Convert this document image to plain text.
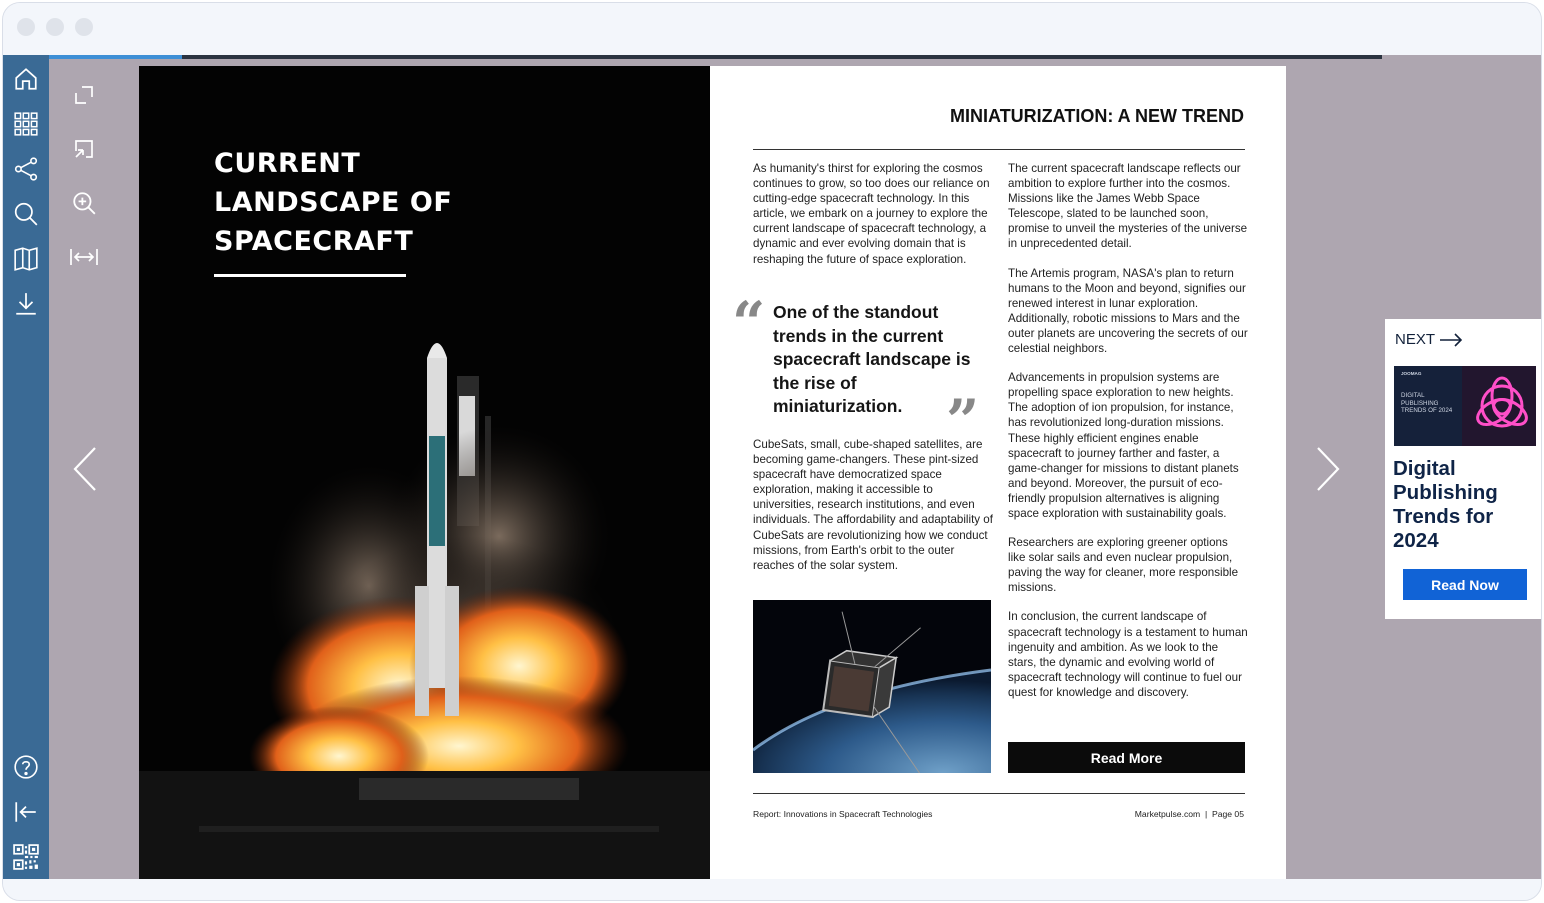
CURRENT
LANDSCAPE OF
SPACECRAFT
MINIATURIZATION: A NEW TREND

As humanity's thirst for exploring the cosmos continues to grow, so too does our reliance on cutting-edge spacecraft technology. In this article, we embark on a journey to explore the current landscape of spacecraft technology, a dynamic and ever evolving domain that is reshaping the future of space exploration.

“ One of the standout trends in the current spacecraft landscape is the rise of miniaturization. ”

CubeSats, small, cube-shaped satellites, are becoming game-changers. These pint-sized spacecraft have democratized space exploration, making it accessible to universities, research institutions, and even individuals. The affordability and adaptability of CubeSats are revolutionizing how we conduct missions, from Earth's orbit to the outer reaches of the solar system.

The current spacecraft landscape reflects our ambition to explore further into the cosmos. Missions like the James Webb Space Telescope, slated to be launched soon, promise to unveil the mysteries of the universe in unprecedented detail.

The Artemis program, NASA's plan to return humans to the Moon and beyond, signifies our renewed interest in lunar exploration. Additionally, robotic missions to Mars and the outer planets are uncovering the secrets of our celestial neighbors.

Advancements in propulsion systems are propelling space exploration to new heights. The adoption of ion propulsion, for instance, has revolutionized long-duration missions. These highly efficient engines enable spacecraft to journey farther and faster, a game-changer for missions to distant planets and beyond. Moreover, the pursuit of eco-friendly propulsion alternatives is aligning space exploration with sustainability goals.

Researchers are exploring greener options like solar sails and even nuclear propulsion, paving the way for cleaner, more responsible missions.

In conclusion, the current landscape of spacecraft technology is a testament to human ingenuity and ambition. As we look to the stars, the dynamic and evolving world of spacecraft technology will continue to fuel our quest for knowledge and discovery.

Read More
Report: Innovations in Spacecraft Technologies	Marketpulse.com  |  Page 05
NEXT
JOOMAG
DIGITAL PUBLISHING TRENDS OF 2024
Digital Publishing Trends for 2024
Read Now
